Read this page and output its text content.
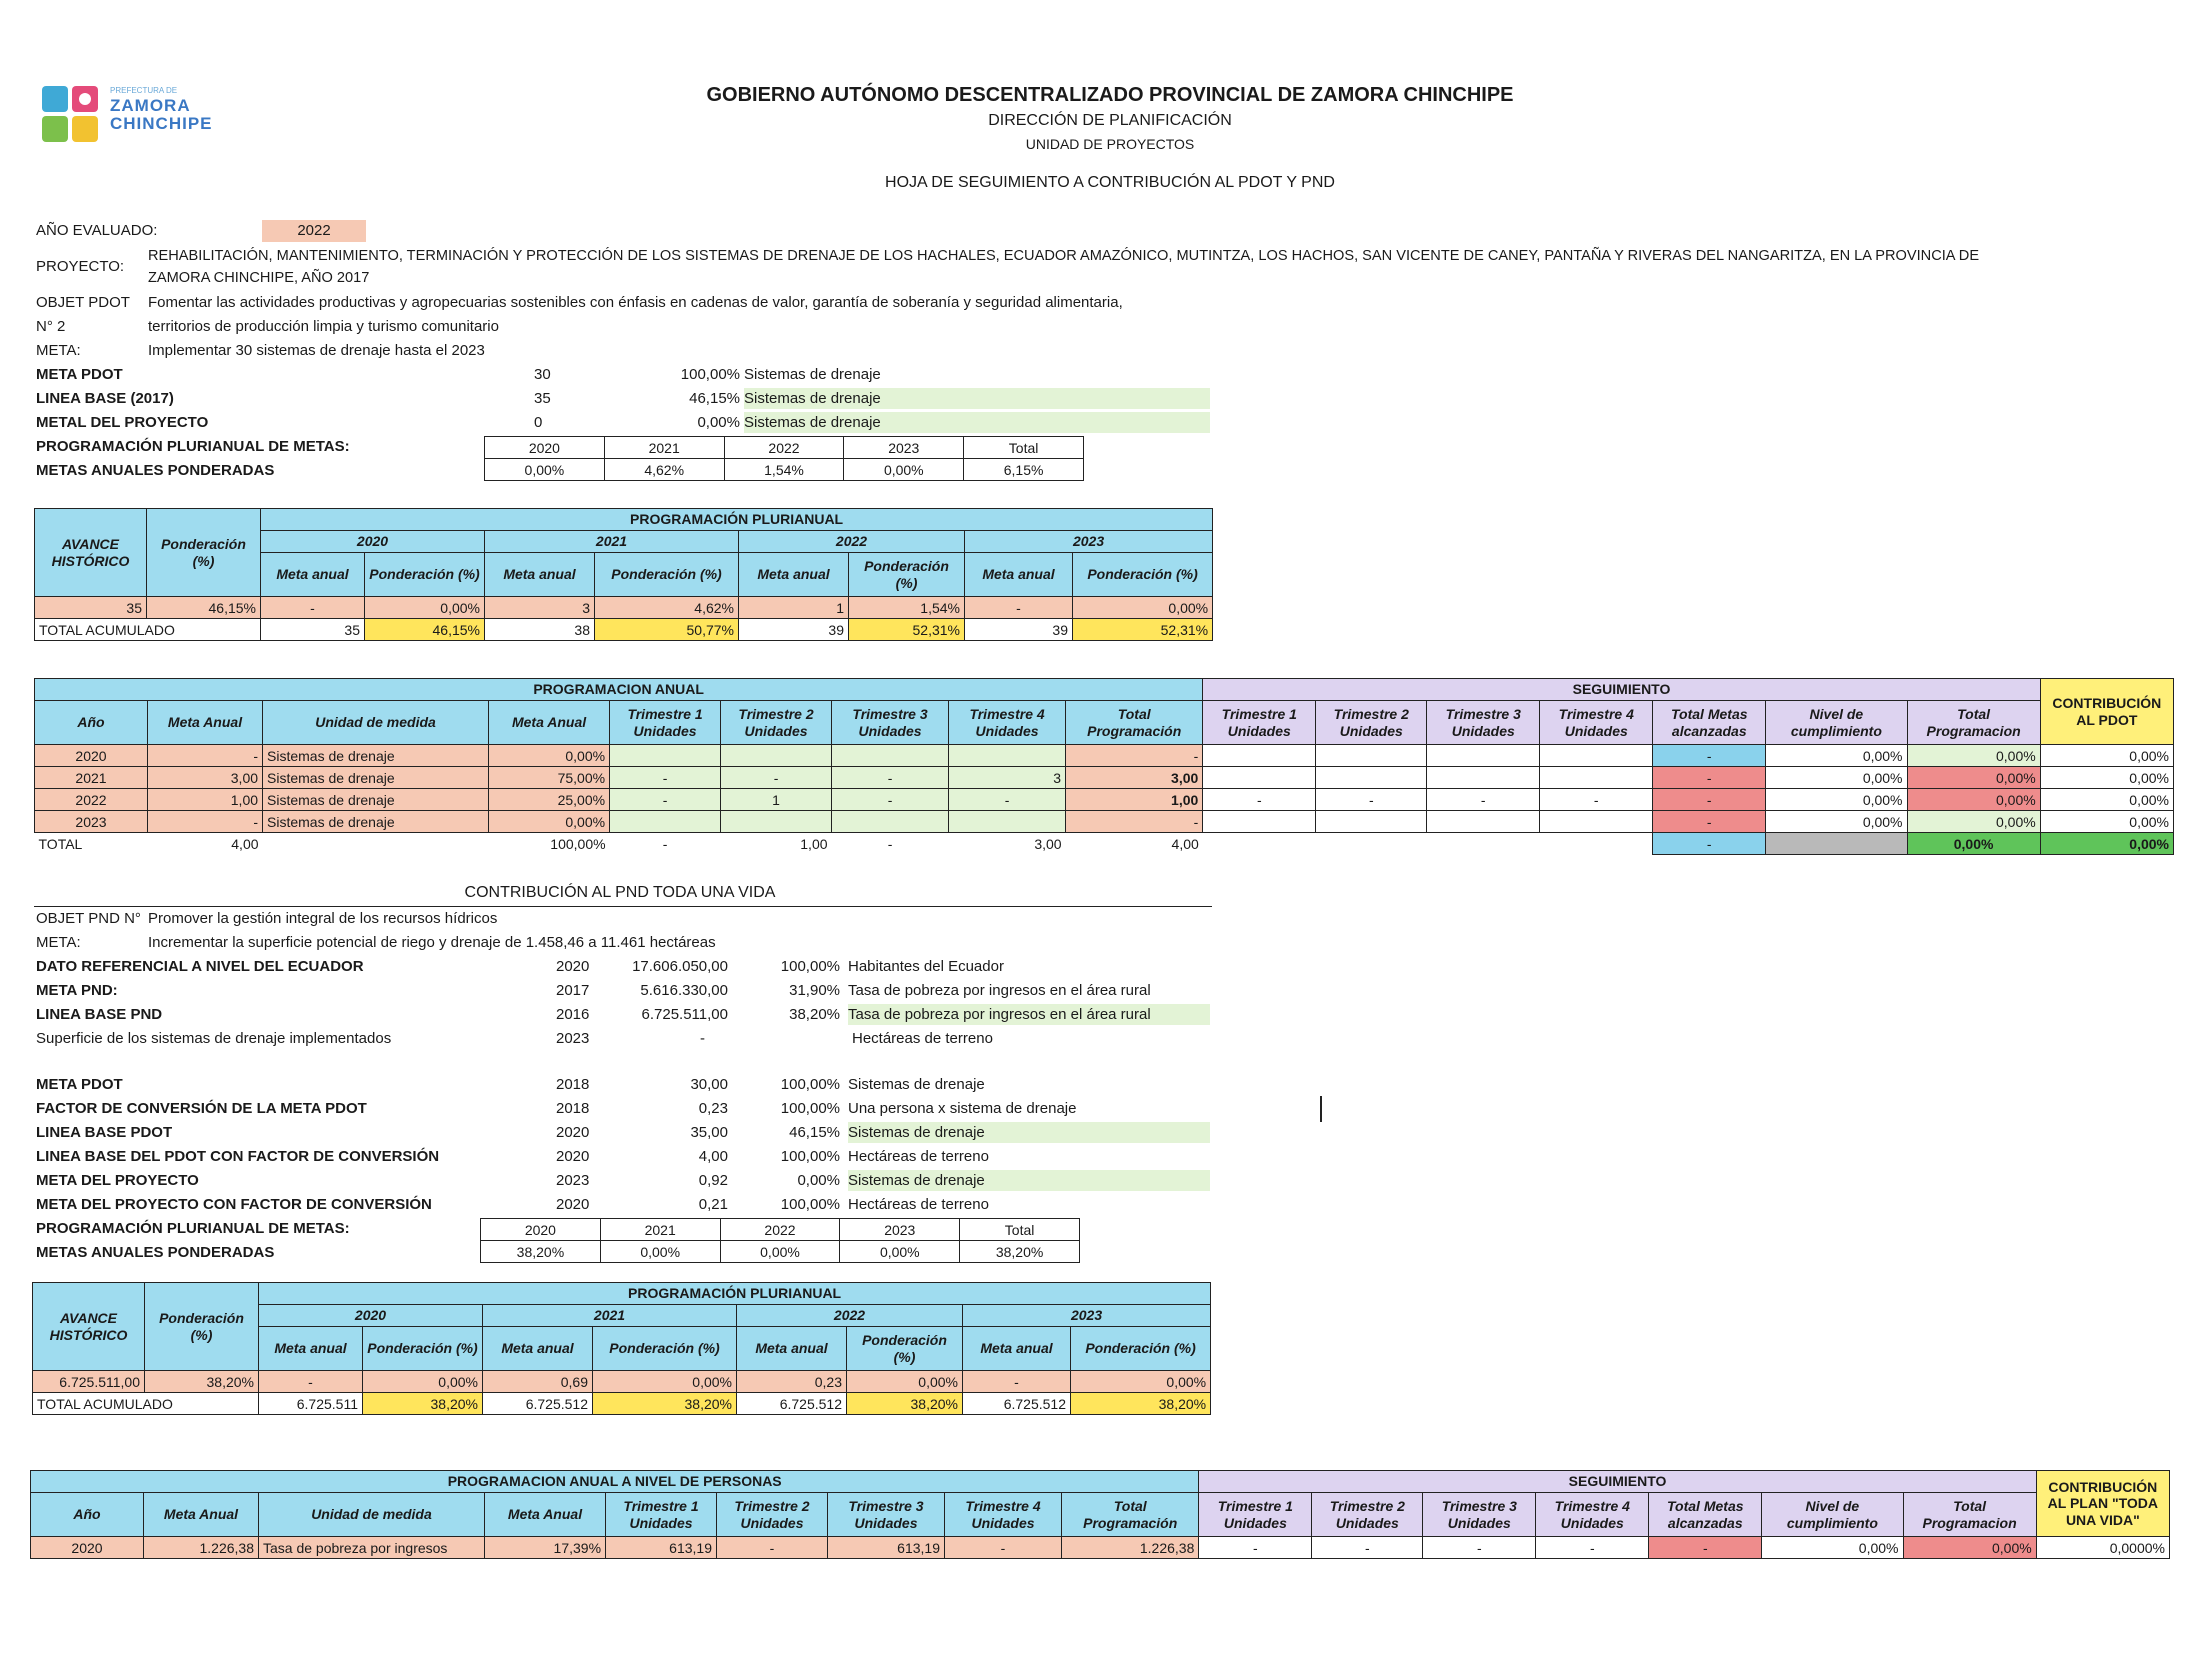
PREFECTURA DE
ZAMORA
CHINCHIPE
GOBIERNO AUTÓNOMO DESCENTRALIZADO PROVINCIAL DE ZAMORA CHINCHIPE
DIRECCIÓN DE PLANIFICACIÓN
UNIDAD DE PROYECTOS
HOJA DE SEGUIMIENTO A CONTRIBUCIÓN AL PDOT Y PND
AÑO EVALUADO:	2022
PROYECTO:
REHABILITACIÓN, MANTENIMIENTO, TERMINACIÓN Y PROTECCIÓN DE LOS SISTEMAS DE DRENAJE DE LOS HACHALES, ECUADOR AMAZÓNICO, MUTINTZA, LOS HACHOS, SAN VICENTE DE CANEY, PANTAÑA Y RIVERAS DEL NANGARITZA, EN LA PROVINCIA DE
ZAMORA CHINCHIPE, AÑO 2017
OBJET PDOT
N° 2
Fomentar las actividades productivas y agropecuarias sostenibles con énfasis en cadenas de valor, garantía de soberanía y seguridad alimentaria,
territorios de producción limpia y turismo comunitario
META:	Implementar 30 sistemas de drenaje hasta el 2023
META PDOT	30	100,00% Sistemas de drenaje
LINEA BASE (2017)	35	46,15% Sistemas de drenaje
METAL DEL PROYECTO	0	0,00% Sistemas de drenaje
PROGRAMACIÓN PLURIANUAL DE METAS:
METAS ANUALES PONDERADAS
2020	2021	2022	2023	Total
0,00%	4,62%	1,54%	0,00%	6,15%
AVANCE HISTÓRICO	Ponderación (%)	PROGRAMACIÓN PLURIANUAL							
		2020		2021		2022		2023	
		Meta anual	Ponderación (%)	Meta anual	Ponderación (%)	Meta anual	Ponderación (%)	Meta anual	Ponderación (%)
35	46,15%	-	0,00%	3	4,62%	1	1,54%	-	0,00%
TOTAL ACUMULADO		35	46,15%	38	50,77%	39	52,31%	39	52,31%
PROGRAMACION ANUAL									SEGUIMIENTO							CONTRIBUCIÓN AL PDOT
Año	Meta Anual	Unidad de medida	Meta Anual	Trimestre 1 Unidades	Trimestre 2 Unidades	Trimestre 3 Unidades	Trimestre 4 Unidades	Total Programación	Trimestre 1 Unidades	Trimestre 2 Unidades	Trimestre 3 Unidades	Trimestre 4 Unidades	Total Metas alcanzadas	Nivel de cumplimiento	Total Programacion	
2020	-	Sistemas de drenaje	0,00%					-					-	0,00%	0,00%	0,00%
2021	3,00	Sistemas de drenaje	75,00%	-	-	-	3	3,00					-	0,00%	0,00%	0,00%
2022	1,00	Sistemas de drenaje	25,00%	-	1	-	-	1,00	-	-	-	-	-	0,00%	0,00%	0,00%
2023	-	Sistemas de drenaje	0,00%					-					-	0,00%	0,00%	0,00%
TOTAL	4,00		100,00%	-	1,00	-	3,00	4,00					-		0,00%	0,00%
CONTRIBUCIÓN AL PND TODA UNA VIDA
OBJET PND N° Promover la gestión integral de los recursos hídricos
META:	Incrementar la superficie potencial de riego y drenaje de 1.458,46 a 11.461 hectáreas
DATO REFERENCIAL A NIVEL DEL ECUADOR	2020	17.606.050,00	100,00% Habitantes del Ecuador
META PND:	2017	5.616.330,00	31,90% Tasa de pobreza por ingresos en el área rural
LINEA BASE PND	2016	6.725.511,00	38,20% Tasa de pobreza por ingresos en el área rural
Superficie de los sistemas de drenaje implementados	2023	-	Hectáreas de terreno
META PDOT	2018	30,00	100,00% Sistemas de drenaje
FACTOR DE CONVERSIÓN DE LA META PDOT	2018	0,23	100,00% Una persona x sistema de drenaje
LINEA BASE PDOT	2020	35,00	46,15% Sistemas de drenaje
LINEA BASE DEL PDOT CON FACTOR DE CONVERSIÓN	2020	4,00	100,00% Hectáreas de terreno
META DEL PROYECTO	2023	0,92	0,00% Sistemas de drenaje
META DEL PROYECTO CON FACTOR DE CONVERSIÓN	2020	0,21	100,00% Hectáreas de terreno
PROGRAMACIÓN PLURIANUAL DE METAS:
METAS ANUALES PONDERADAS
2020	2021	2022	2023	Total
38,20%	0,00%	0,00%	0,00%	38,20%
AVANCE HISTÓRICO	Ponderación (%)	PROGRAMACIÓN PLURIANUAL							
		2020		2021		2022		2023	
		Meta anual	Ponderación (%)	Meta anual	Ponderación (%)	Meta anual	Ponderación (%)	Meta anual	Ponderación (%)
6.725.511,00	38,20%	-	0,00%	0,69	0,00%	0,23	0,00%	-	0,00%
TOTAL ACUMULADO		6.725.511	38,20%	6.725.512	38,20%	6.725.512	38,20%	6.725.512	38,20%
PROGRAMACION ANUAL A NIVEL DE PERSONAS									SEGUIMIENTO							CONTRIBUCIÓN AL PLAN "TODA UNA VIDA"
Año	Meta Anual	Unidad de medida	Meta Anual	Trimestre 1 Unidades	Trimestre 2 Unidades	Trimestre 3 Unidades	Trimestre 4 Unidades	Total Programación	Trimestre 1 Unidades	Trimestre 2 Unidades	Trimestre 3 Unidades	Trimestre 4 Unidades	Total Metas alcanzadas	Nivel de cumplimiento	Total Programacion	
2020	1.226,38	Tasa de pobreza por ingresos	17,39%	613,19	-	613,19	-	1.226,38	-	-	-	-	-	0,00%	0,00%	0,0000%
